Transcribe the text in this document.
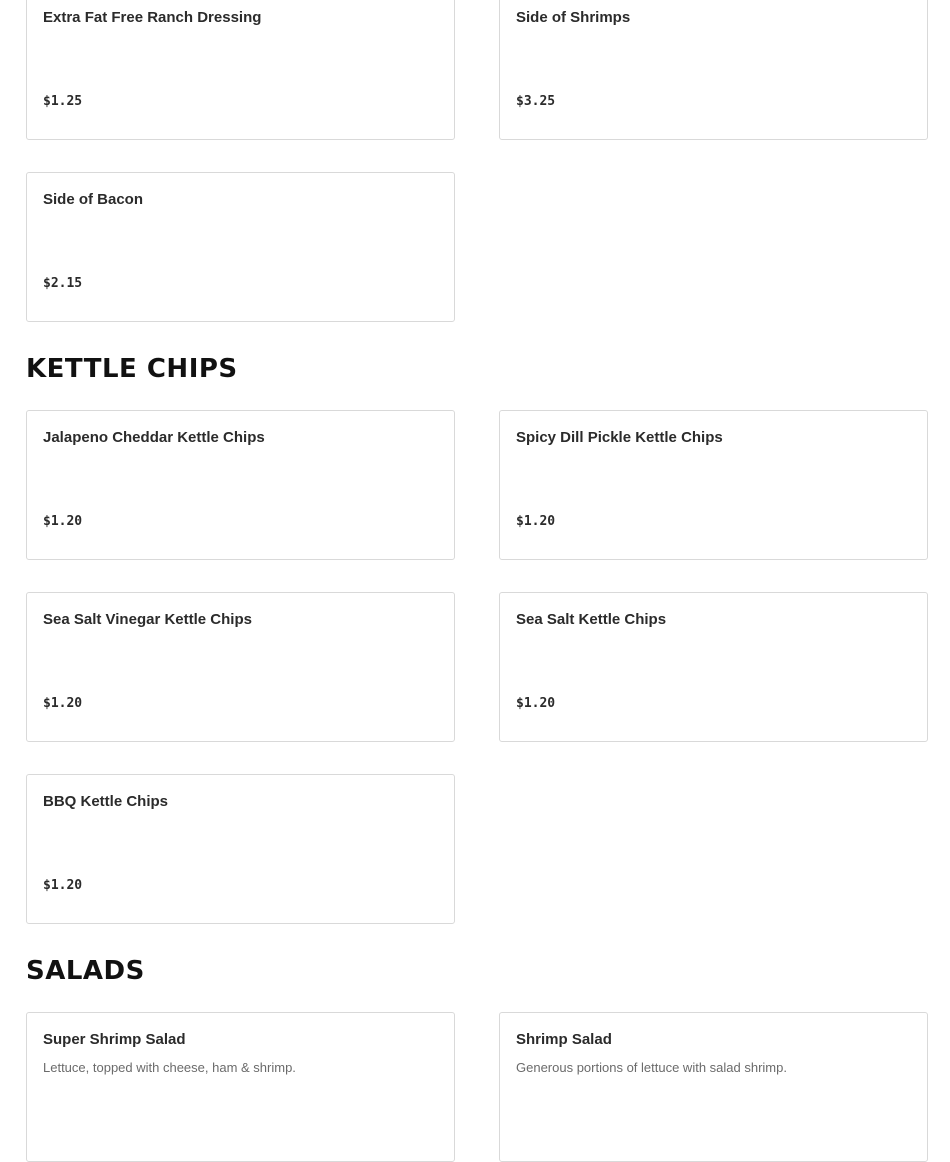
Extra Fat Free Ranch Dressing
$1.25
Side of Shrimps
$3.25
Side of Bacon
$2.15
KETTLE CHIPS
Jalapeno Cheddar Kettle Chips
$1.20
Spicy Dill Pickle Kettle Chips
$1.20
Sea Salt Vinegar Kettle Chips
$1.20
Sea Salt Kettle Chips
$1.20
BBQ Kettle Chips
$1.20
SALADS
Super Shrimp Salad
Lettuce, topped with cheese, ham & shrimp.
Shrimp Salad
Generous portions of lettuce with salad shrimp.
